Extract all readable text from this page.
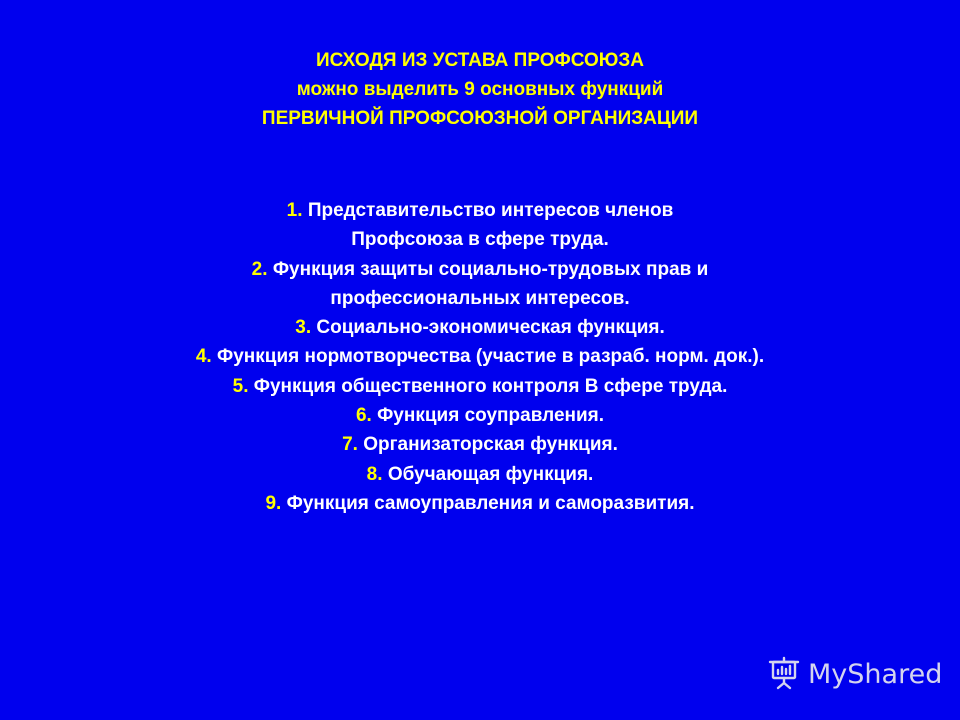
ИСХОДЯ ИЗ УСТАВА ПРОФСОЮЗА
можно выделить 9 основных функций
ПЕРВИЧНОЙ ПРОФСОЮЗНОЙ ОРГАНИЗАЦИИ
1. Представительство интересов членов
Профсоюза в сфере труда.
2. Функция защиты социально-трудовых прав и
профессиональных интересов.
3. Социально-экономическая функция.
4. Функция нормотворчества (участие в разраб. норм. док.).
5. Функция общественного контроля В сфере труда.
6. Функция соуправления.
7. Организаторская функция.
8. Обучающая функция.
9. Функция самоуправления и саморазвития.
MyShared
